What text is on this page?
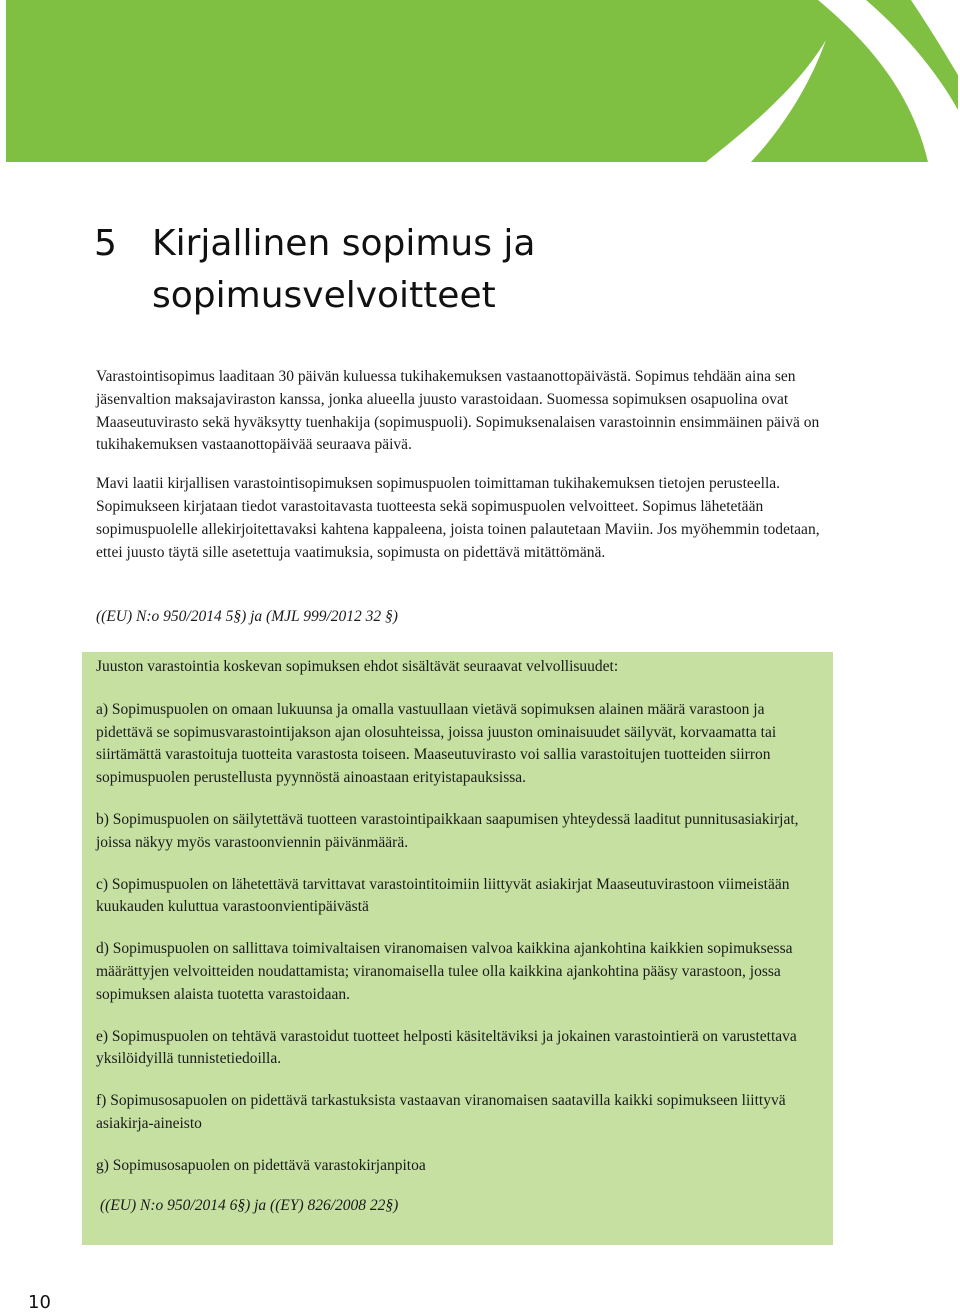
5 Kirjallinen sopimus ja sopimusvelvoitteet

Varastointisopimus laaditaan 30 päivän kuluessa tukihakemuksen vastaanottopäivästä. Sopimus tehdään aina sen jäsenvaltion maksajaviraston kanssa, jonka alueella juusto varastoidaan. Suomessa sopimuksen osapuolina ovat Maaseutuvirasto sekä hyväksytty tuenhakija (sopimuspuoli). Sopimuksenalaisen varastoinnin ensimmäinen päivä on tukihakemuksen vastaanottopäivää seuraava päivä.

Mavi laatii kirjallisen varastointisopimuksen sopimuspuolen toimittaman tukihakemuksen tietojen perusteella. Sopimukseen kirjataan tiedot varastoitavasta tuotteesta sekä sopimuspuolen velvoitteet. Sopimus lähetetään sopimuspuolelle allekirjoitettavaksi kahtena kappaleena, joista toinen palautetaan Maviin. Jos myöhemmin todetaan, ettei juusto täytä sille asetettuja vaatimuksia, sopimusta on pidettävä mitättömänä.

((EU) N:o 950/2014 5§) ja (MJL 999/2012 32 §)

Juuston varastointia koskevan sopimuksen ehdot sisältävät seuraavat velvollisuudet:

a) Sopimuspuolen on omaan lukuunsa ja omalla vastuullaan vietävä sopimuksen alainen määrä varastoon ja pidettävä se sopimusvarastointijakson ajan olosuhteissa, joissa juuston ominaisuudet säilyvät, korvaamatta tai siirtämättä varastoituja tuotteita varastosta toiseen. Maaseutuvirasto voi sallia varastoitujen tuotteiden siirron sopimuspuolen perustellusta pyynnöstä ainoastaan erityistapauksissa.

b) Sopimuspuolen on säilytettävä tuotteen varastointipaikkaan saapumisen yhteydessä laaditut punnitusasiakirjat, joissa näkyy myös varastoonviennin päivänmäärä.

c) Sopimuspuolen on lähetettävä tarvittavat varastointitoimiin liittyvät asiakirjat Maaseutuvirastoon viimeistään kuukauden kuluttua varastoonvientipäivästä

d) Sopimuspuolen on sallittava toimivaltaisen viranomaisen valvoa kaikkina ajankohtina kaikkien sopimuksessa määrättyjen velvoitteiden noudattamista; viranomaisella tulee olla kaikkina ajankohtina pääsy varastoon, jossa sopimuksen alaista tuotetta varastoidaan.

e) Sopimuspuolen on tehtävä varastoidut tuotteet helposti käsiteltäviksi ja jokainen varastointierä on varustettava yksilöidyillä tunnistetiedoilla.

f) Sopimusosapuolen on pidettävä tarkastuksista vastaavan viranomaisen saatavilla kaikki sopimukseen liittyvä asiakirja-aineisto

g) Sopimusosapuolen on pidettävä varastokirjanpitoa

((EU) N:o 950/2014 6§) ja ((EY) 826/2008 22§)

10
